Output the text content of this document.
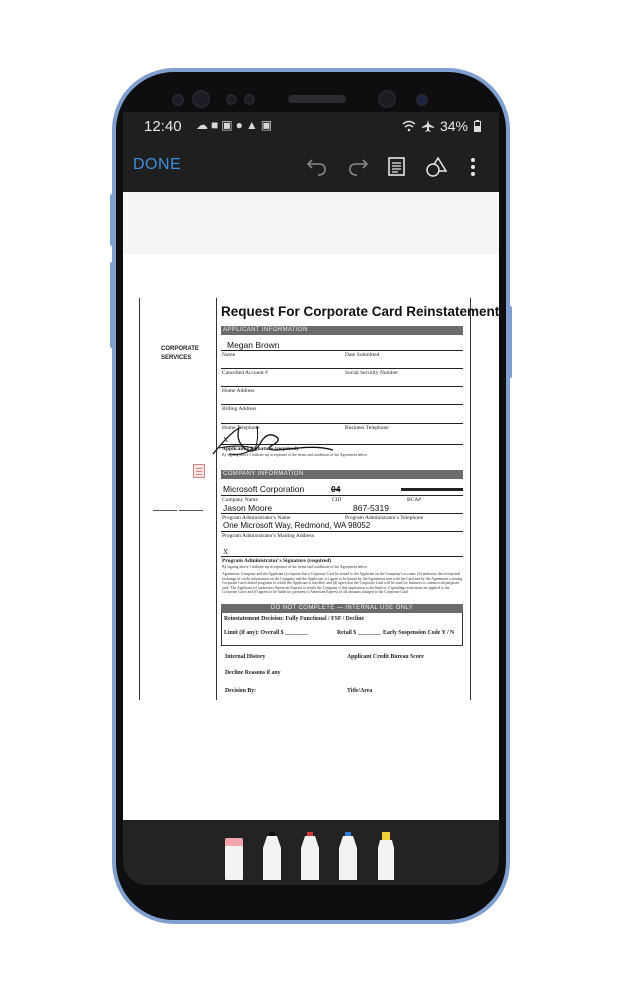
12:40 ☁ ■ ▣ ● ▲ ▣	34%
DONE
CORPORATE
SERVICES
Request For Corporate Card Reinstatement
APPLICANT INFORMATION
Megan Brown
Name	Date Submitted
Cancelled Account #	Social Security Number
Home Address
Billing Address
Home Telephone	Business Telephone
X
Applicant's Signature (required)
By signing above I indicate my acceptance of the terms and conditions of the Agreement below.
COMPANY INFORMATION
Microsoft Corporation	04
Company Name	CID	BCA#
Jason Moore	867-5319
Program Administrator's Name	Program Administrator's Telephone
One Microsoft Way, Redmond, WA 98052
Program Administrator's Mailing Address
X
Program Administrator's Signature (required)
By signing above I indicate my acceptance of the terms and conditions of the Agreement below.
Agreement: Company and the Applicant (a) request that a Corporate Card be issued to the Applicant on the Company's account; (b) authorize the receipt and exchange of credit information on the Company and the Applicant; (c) agree to be bound by the Agreement sent with the Card and by the Agreement covering Corporate Card related programs to which the Applicant is enrolled; and (d) agree that the Corporate Card will be used for business or commercial purposes only. The Applicant (e) authorizes American Express to notify the Company if this application is declined or if spending restrictions are applied to the Corporate Card; and (f) agrees to be liable for payment to American Express of all amounts charged to the Corporate Card.
DO NOT COMPLETE — INTERNAL USE ONLY
Reinstatement Decision: Fully Functional / FSF / Decline
Limit (if any): Overall $ ________	Retail $ ________ Early Suspension Code Y / N
Internal History	Applicant Credit Bureau Score
Decline Reasons if any
Decision By:	Title/Area
